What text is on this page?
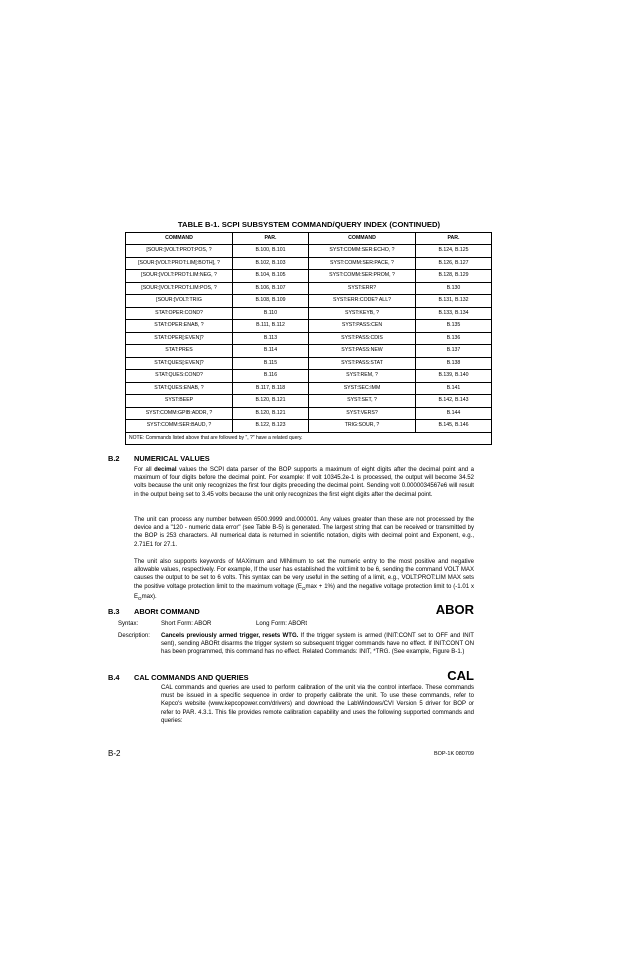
TABLE B-1. SCPI SUBSYSTEM COMMAND/QUERY INDEX (CONTINUED)
COMMAND	PAR.	COMMAND	PAR.
[SOUR:]VOLT:PROT:POS, ?	B.100, B.101	SYST:COMM:SER:ECHO, ?	B.124, B.125
[SOUR:]VOLT:PROT:LIM[:BOTH], ?	B.102, B.103	SYST:COMM:SER:PACE, ?	B.126, B.127
[SOUR:]VOLT:PROT:LIM:NEG, ?	B.104, B.105	SYST:COMM:SER:PROM, ?	B.128, B.129
[SOUR:]VOLT:PROT:LIM:POS, ?	B.106, B.107	SYST:ERR?	B.130
[SOUR:]VOLT:TRIG	B.108, B.109	SYST:ERR:CODE? ALL?	B.131, B.132
STAT:OPER:COND?	B.110	SYST:KEYB, ?	B.133, B.134
STAT:OPER:ENAB, ?	B.111, B.112	SYST:PASS:CEN	B.135
STAT:OPER[:EVEN]?	B.113	SYST:PASS:CDIS	B.136
STAT:PRES	B.114	SYST:PASS:NEW	B.137
STAT:QUES[:EVEN]?	B.115	SYST:PASS:STAT	B.138
STAT:QUES:COND?	B.116	SYST:REM, ?	B.139, B.140
STAT:QUES:ENAB, ?	B.117, B.118	SYST:SEC:IMM	B.141
SYST:BEEP	B.120, B.121	SYST:SET, ?	B.142, B.143
SYST:COMM:GPIB:ADDR, ?	B.120, B.121	SYST:VERS?	B.144
SYST:COMM:SER:BAUD, ?	B.122, B.123	TRIG:SOUR, ?	B.145, B.146
NOTE: Commands listed above that are followed by ", ?" have a related query.			
B.2 NUMERICAL VALUES
For all decimal values the SCPI data parser of the BOP supports a maximum of eight digits after the decimal point and a maximum of four digits before the decimal point. For example: If volt 10345.2e-1 is processed, the output will become 34.52 volts because the unit only recognizes the first four digits preceding the decimal point. Sending volt 0.0000034567e6 will result in the output being set to 3.45 volts because the unit only recognizes the first eight digits after the decimal point.
The unit can process any number between 6500.9999 and.000001. Any values greater than these are not processed by the device and a "120 - numeric data error" (see Table B-5) is generated. The largest string that can be received or transmitted by the BOP is 253 characters. All numerical data is returned in scientific notation, digits with decimal point and Exponent, e.g., 2.71E1 for 27.1.
The unit also supports keywords of MAXimum and MINimum to set the numeric entry to the most positive and negative allowable values, respectively. For example, If the user has established the volt:limit to be 6, sending the command VOLT MAX causes the output to be set to 6 volts. This syntax can be very useful in the setting of a limit, e.g., VOLT:PROT:LIM MAX sets the positive voltage protection limit to the maximum voltage $(E_O\max + 1\%)$ and the negative voltage protection limit to (-1.01 x $E_O\max$).
B.3 ABORt COMMAND	ABOR
Syntax:	Short Form: ABOR	Long Form: ABORt
Description: Cancels previously armed trigger, resets WTG. If the trigger system is armed (INIT:CONT set to OFF and INIT sent), sending ABORt disarms the trigger system so subsequent trigger commands have no effect. If INIT:CONT ON has been programmed, this command has no effect. Related Commands: INIT, *TRG. (See example, Figure B-1.)
B.4 CAL COMMANDS AND QUERIES	CAL
CAL commands and queries are used to perform calibration of the unit via the control interface. These commands must be issued in a specific sequence in order to properly calibrate the unit. To use these commands, refer to Kepco's website (www.kepcopower.com/drivers) and download the LabWindows/CVI Version 5 driver for BOP or refer to PAR. 4.3.1. This file provides remote calibration capability and uses the following supported commands and queries:
B-2	BOP-1K 080709
